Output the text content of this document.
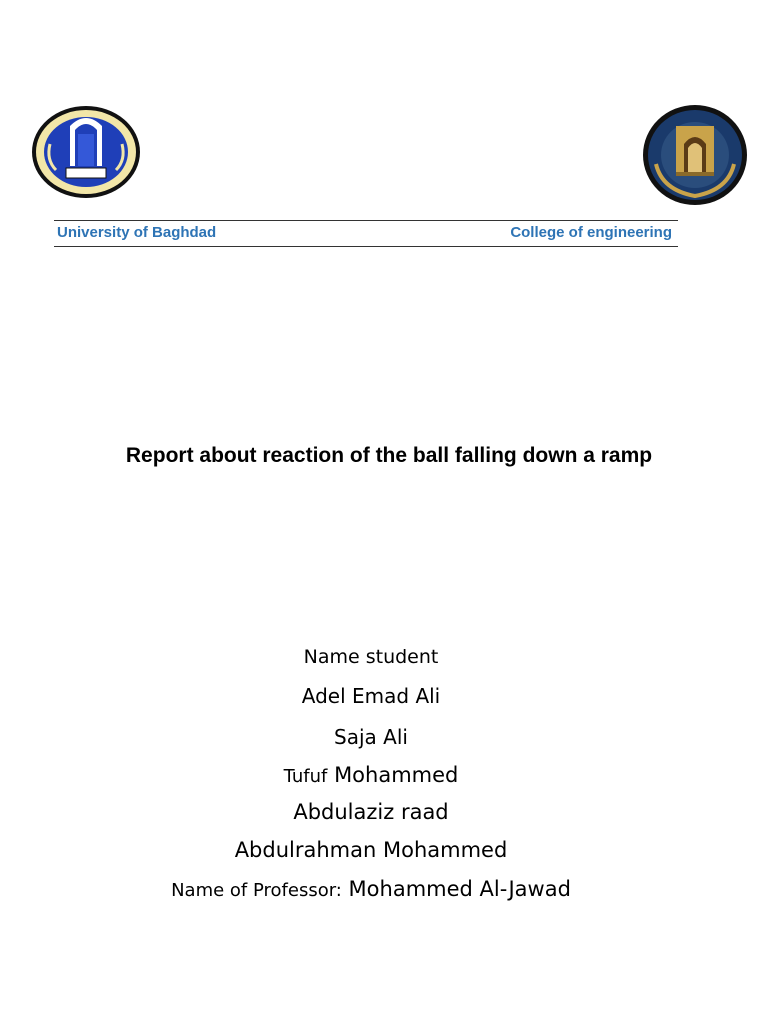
University of Baghdad	College of engineering
Report about reaction of the ball falling down a ramp
Name student
Adel Emad Ali
Saja Ali
Tufuf Mohammed
Abdulaziz raad
Abdulrahman Mohammed
Name of Professor: Mohammed Al-Jawad
